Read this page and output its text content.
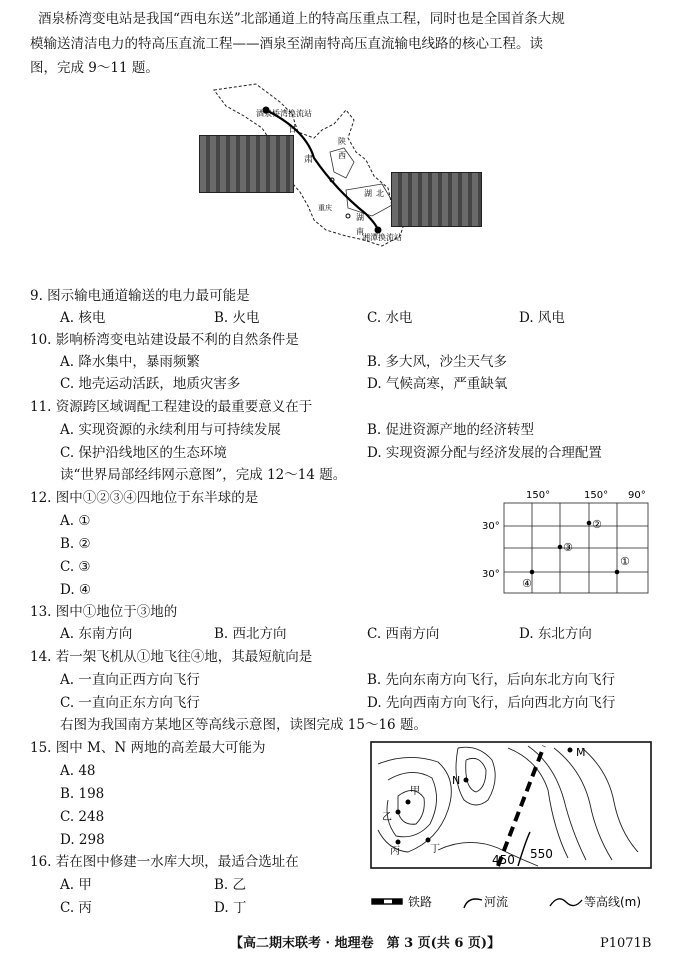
酒泉桥湾变电站是我国“西电东送”北部通道上的特高压重点工程，同时也是全国首条大规
模输送清洁电力的特高压直流工程——酒泉至湖南特高压直流输电线路的核心工程。读
图，完成 9～11 题。
酒泉桥湾换流站
湘潭换流站
甘
肃
陕
西
湖 北
重庆
湖
南
9. 图示输电通道输送的电力最可能是
A. 核电	B. 火电	C. 水电	D. 风电
10. 影响桥湾变电站建设最不利的自然条件是
A. 降水集中，暴雨频繁	B. 多大风，沙尘天气多
C. 地壳运动活跃，地质灾害多	D. 气候高寒，严重缺氧
11. 资源跨区域调配工程建设的最重要意义在于
A. 实现资源的永续利用与可持续发展	B. 促进资源产地的经济转型
C. 保护沿线地区的生态环境	D. 实现资源分配与经济发展的合理配置
读“世界局部经纬网示意图”，完成 12～14 题。
150°	150° 90°
30°
30°
②
③
①
④
12. 图中①②③④四地位于东半球的是
A. ①
B. ②
C. ③
D. ④
13. 图中①地位于③地的
A. 东南方向	B. 西北方向	C. 西南方向	D. 东北方向
14. 若一架飞机从①地飞往④地，其最短航向是
A. 一直向正西方向飞行	B. 先向东南方向飞行，后向东北方向飞行
C. 一直向正东方向飞行	D. 先向西南方向飞行，后向西北方向飞行
右图为我国南方某地区等高线示意图，读图完成 15～16 题。
M
N
甲
乙
丙	丁
450 550
铁路	河流	等高线(m)
15. 图中 M、N 两地的高差最大可能为
A. 48
B. 198
C. 248
D. 298
16. 若在图中修建一水库大坝，最适合选址在
A. 甲	B. 乙
C. 丙	D. 丁
【高二期末联考 · 地理卷　第 3 页(共 6 页)】	P1071B
